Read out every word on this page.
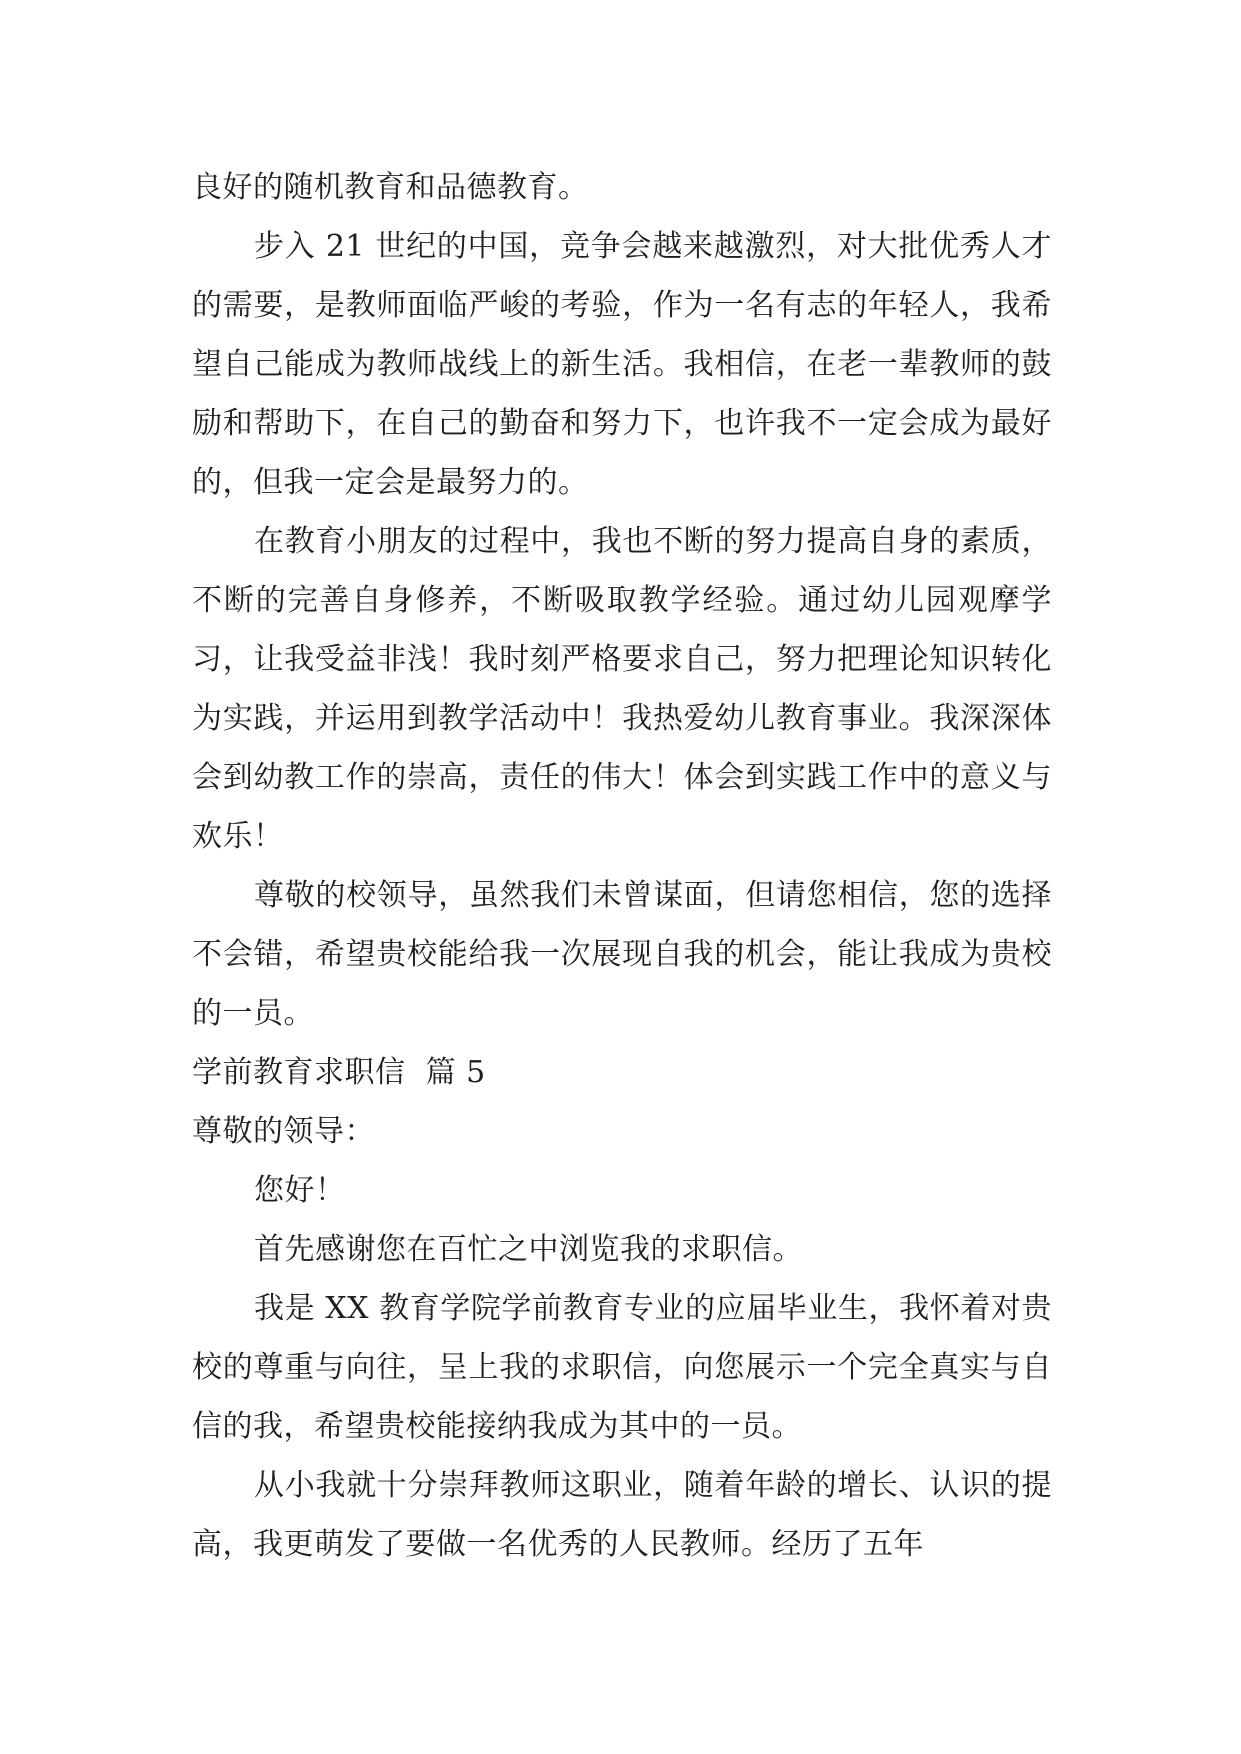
良好的随机教育和品德教育。

步入 21 世纪的中国，竞争会越来越激烈，对大批优秀人才的需要，是教师面临严峻的考验，作为一名有志的年轻人，我希望自己能成为教师战线上的新生活。我相信，在老一辈教师的鼓励和帮助下，在自己的勤奋和努力下，也许我不一定会成为最好的，但我一定会是最努力的。

在教育小朋友的过程中，我也不断的努力提高自身的素质，不断的完善自身修养，不断吸取教学经验。通过幼儿园观摩学习，让我受益非浅！我时刻严格要求自己，努力把理论知识转化为实践，并运用到教学活动中！我热爱幼儿教育事业。我深深体会到幼教工作的崇高，责任的伟大！体会到实践工作中的意义与欢乐！

尊敬的校领导，虽然我们未曾谋面，但请您相信，您的选择不会错，希望贵校能给我一次展现自我的机会，能让我成为贵校的一员。

学前教育求职信  篇 5

尊敬的领导：

您好！

首先感谢您在百忙之中浏览我的求职信。

我是 XX 教育学院学前教育专业的应届毕业生，我怀着对贵校的尊重与向往，呈上我的求职信，向您展示一个完全真实与自信的我，希望贵校能接纳我成为其中的一员。

从小我就十分崇拜教师这职业，随着年龄的增长、认识的提高，我更萌发了要做一名优秀的人民教师。经历了五年
